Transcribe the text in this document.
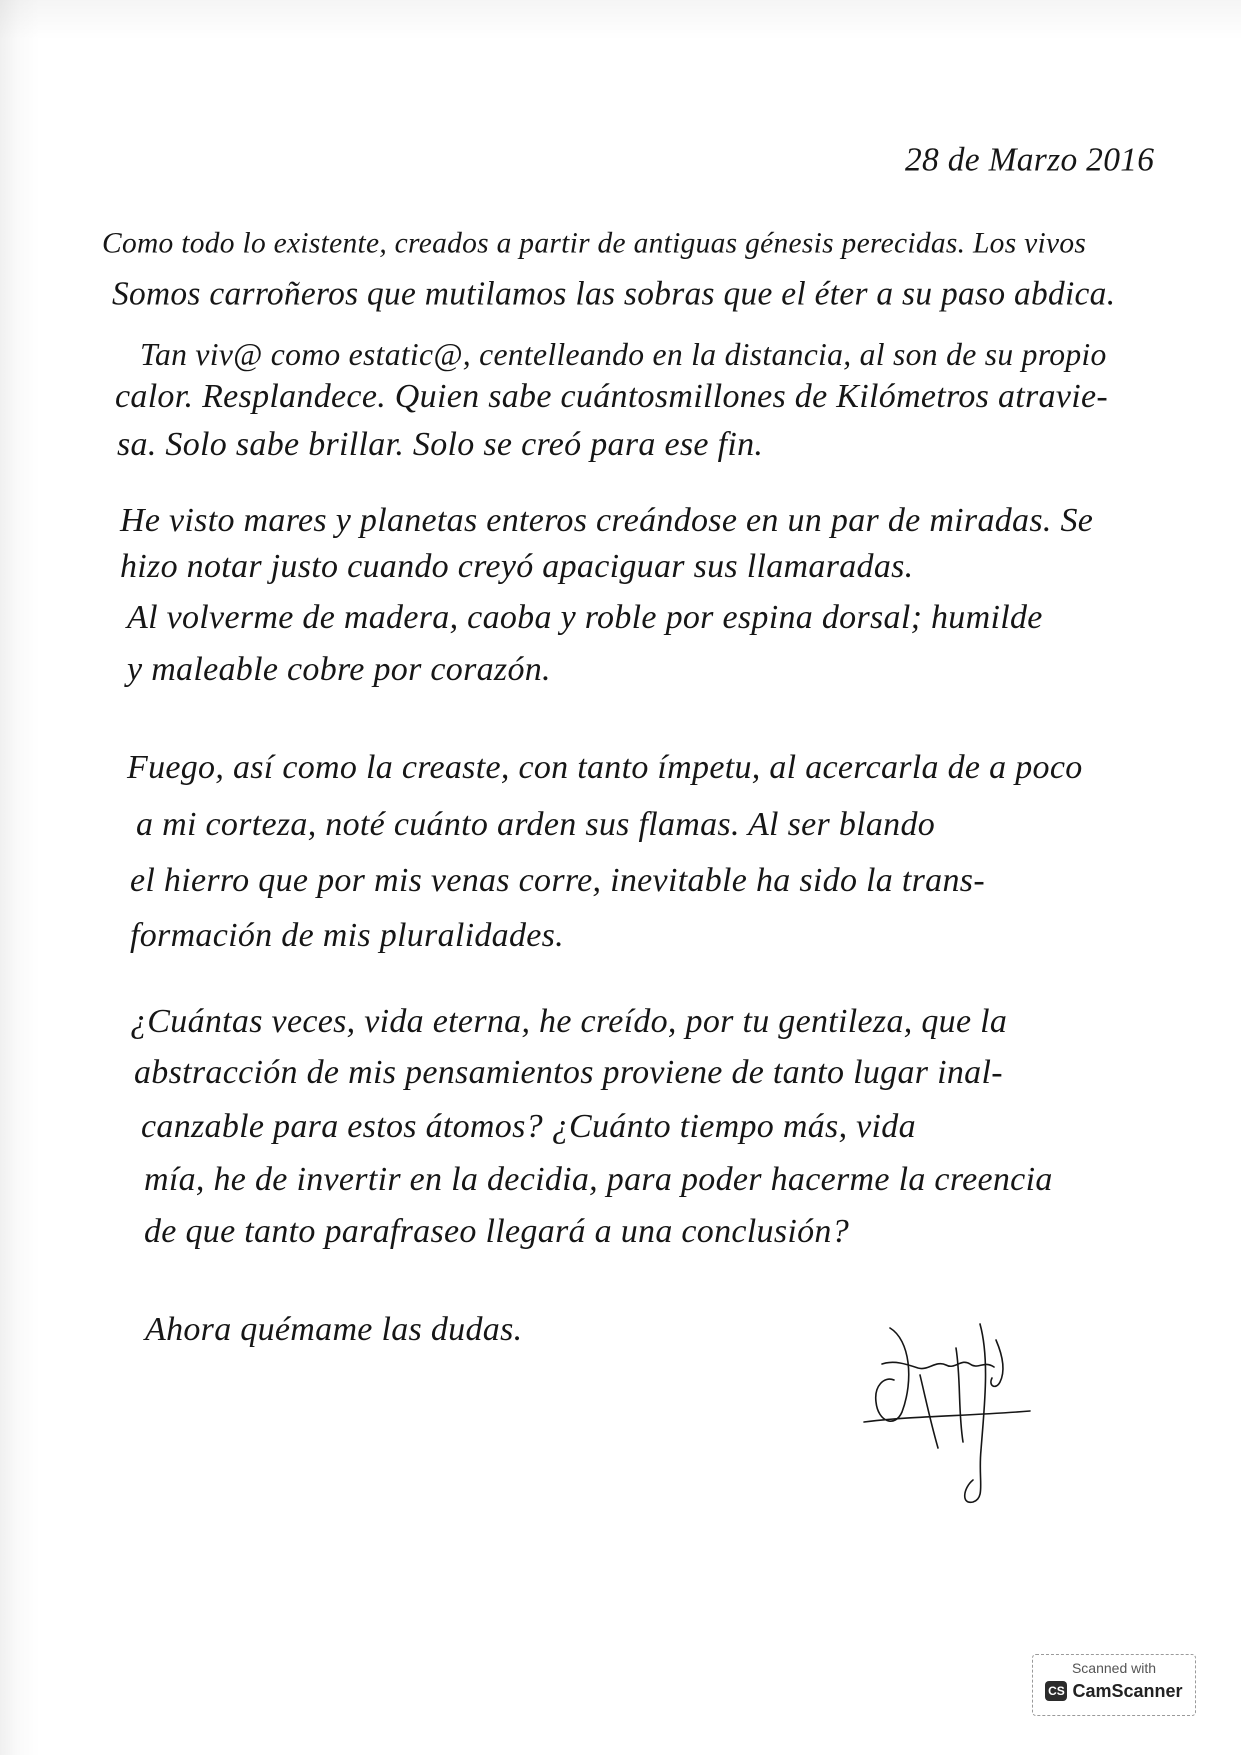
28 de Marzo 2016
Como todo lo existente, creados a partir de antiguas génesis perecidas. Los vivos
Somos carroñeros que mutilamos las sobras que el éter a su paso abdica.
Tan viv@ como estatic@, centelleando en la distancia, al son de su propio
calor. Resplandece. Quien sabe cuántosmillones de Kilómetros atravie-
sa. Solo sabe brillar. Solo se creó para ese fin.
He visto mares y planetas enteros creándose en un par de miradas. Se
hizo notar justo cuando creyó apaciguar sus llamaradas.
Al volverme de madera, caoba y roble por espina dorsal; humilde
y maleable cobre por corazón.
Fuego, así como la creaste, con tanto ímpetu, al acercarla de a poco
a mi corteza, noté cuánto arden sus flamas. Al ser blando
el hierro que por mis venas corre, inevitable ha sido la trans-
formación de mis pluralidades.
¿Cuántas veces, vida eterna, he creído, por tu gentileza, que la
abstracción de mis pensamientos proviene de tanto lugar inal-
canzable para estos átomos? ¿Cuánto tiempo más, vida
mía, he de invertir en la decidia, para poder hacerme la creencia
de que tanto parafraseo llegará a una conclusión?
Ahora quémame las dudas.
Scanned with
CS CamScanner
